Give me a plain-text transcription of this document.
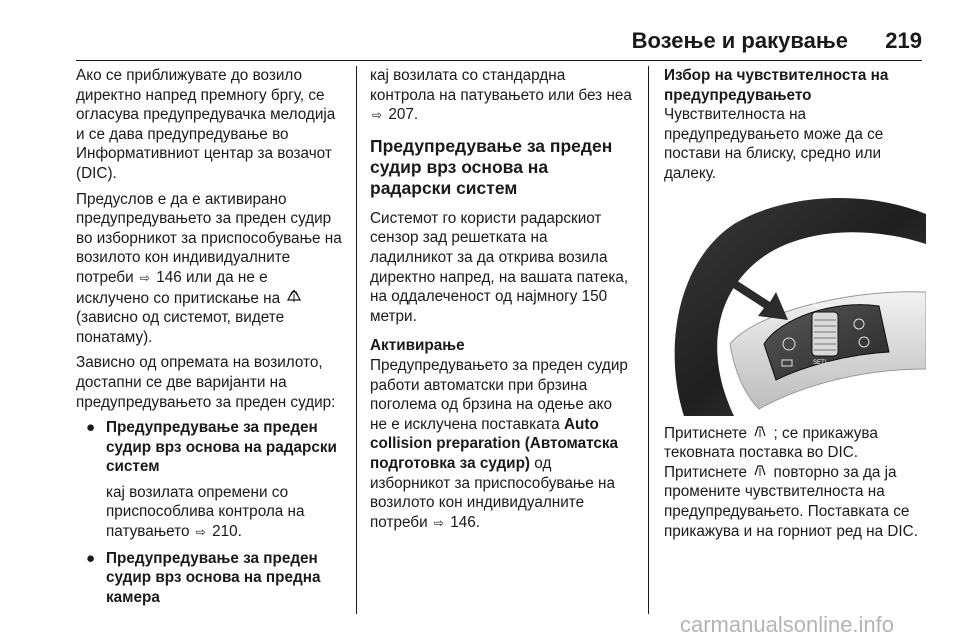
Возење и ракување 219

Ако се приближувате до возило директно напред премногу бргу, се огласува предупредувачка мелодија и се дава предупредување во Информативниот центар за возачот (DIC).

Предуслов е да е активирано предупредувањето за преден судир во изборникот за приспособување на возилото кон индивидуалните потреби ⇨ 146 или да не е исклучено со притискање на  (зависно од системот, видете понатаму).

Зависно од опремата на возилото, достапни се две варијанти на предупредувањето за преден судир:

● Предупредување за преден судир врз основа на радарски систем

кај возилата опремени со приспособлива контрола на патувањето ⇨ 210.

● Предупредување за преден судир врз основа на предна камера

кај возилата со стандардна контрола на патувањето или без неа ⇨ 207.

Предупредување за преден судир врз основа на радарски систем

Системот го користи радарскиот сензор зад решетката на ладилникот за да открива возила директно напред, на вашата патека, на оддалеченост од најмногу 150 метри.

Активирање

Предупредувањето за преден судир работи автоматски при брзина поголема од брзина на одење ако не е исклучена поставката Auto collision preparation (Автоматска подготовка за судир) од изборникот за приспособување на возилото кон индивидуалните потреби ⇨ 146.

Избор на чувствителноста на предупредувањето

Чувствителноста на предупредувањето може да се постави на блиску, средно или далеку.

RES/+
SET/-

Притиснете ; се прикажува тековната поставка во DIC. Притиснете повторно за да ја промените чувствителноста на предупредувањето. Поставката се прикажува и на горниот ред на DIC.

carmanualsonline.info
